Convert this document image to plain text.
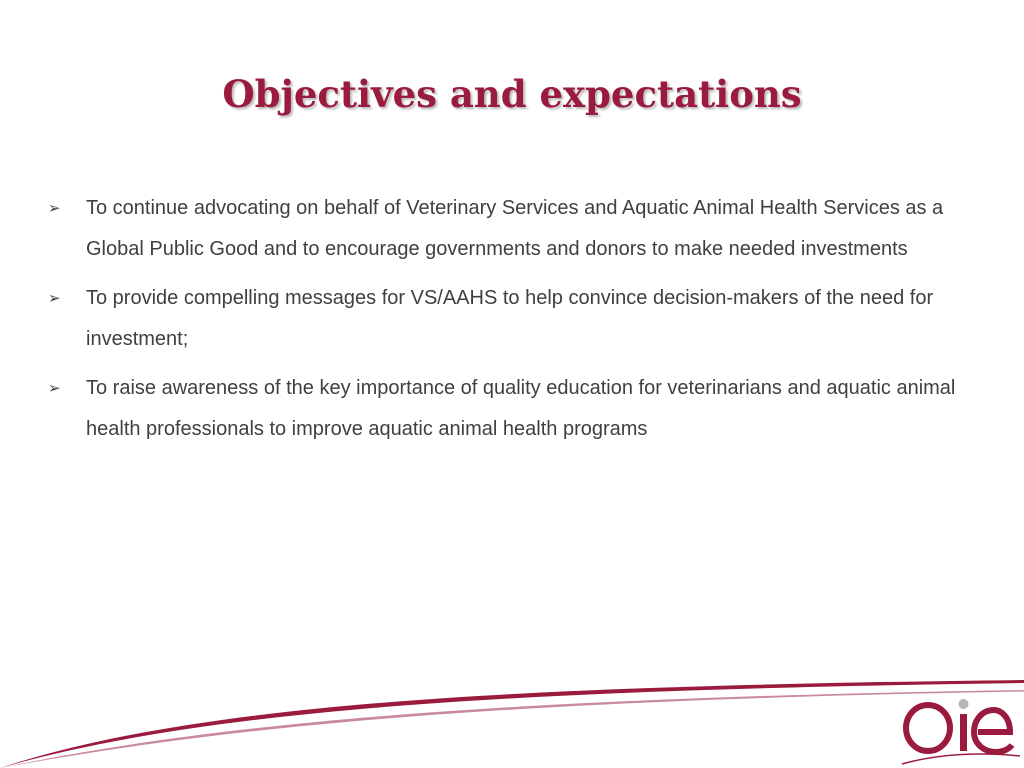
Objectives and expectations
➢ To continue advocating on behalf of Veterinary Services and Aquatic Animal Health Services as a Global Public Good and to encourage governments and donors to make needed investments
➢ To provide compelling messages for VS/AAHS to help convince decision-makers of the need for investment;
➢ To raise awareness of the key importance of quality education for veterinarians and aquatic animal health professionals to improve aquatic animal health programs
